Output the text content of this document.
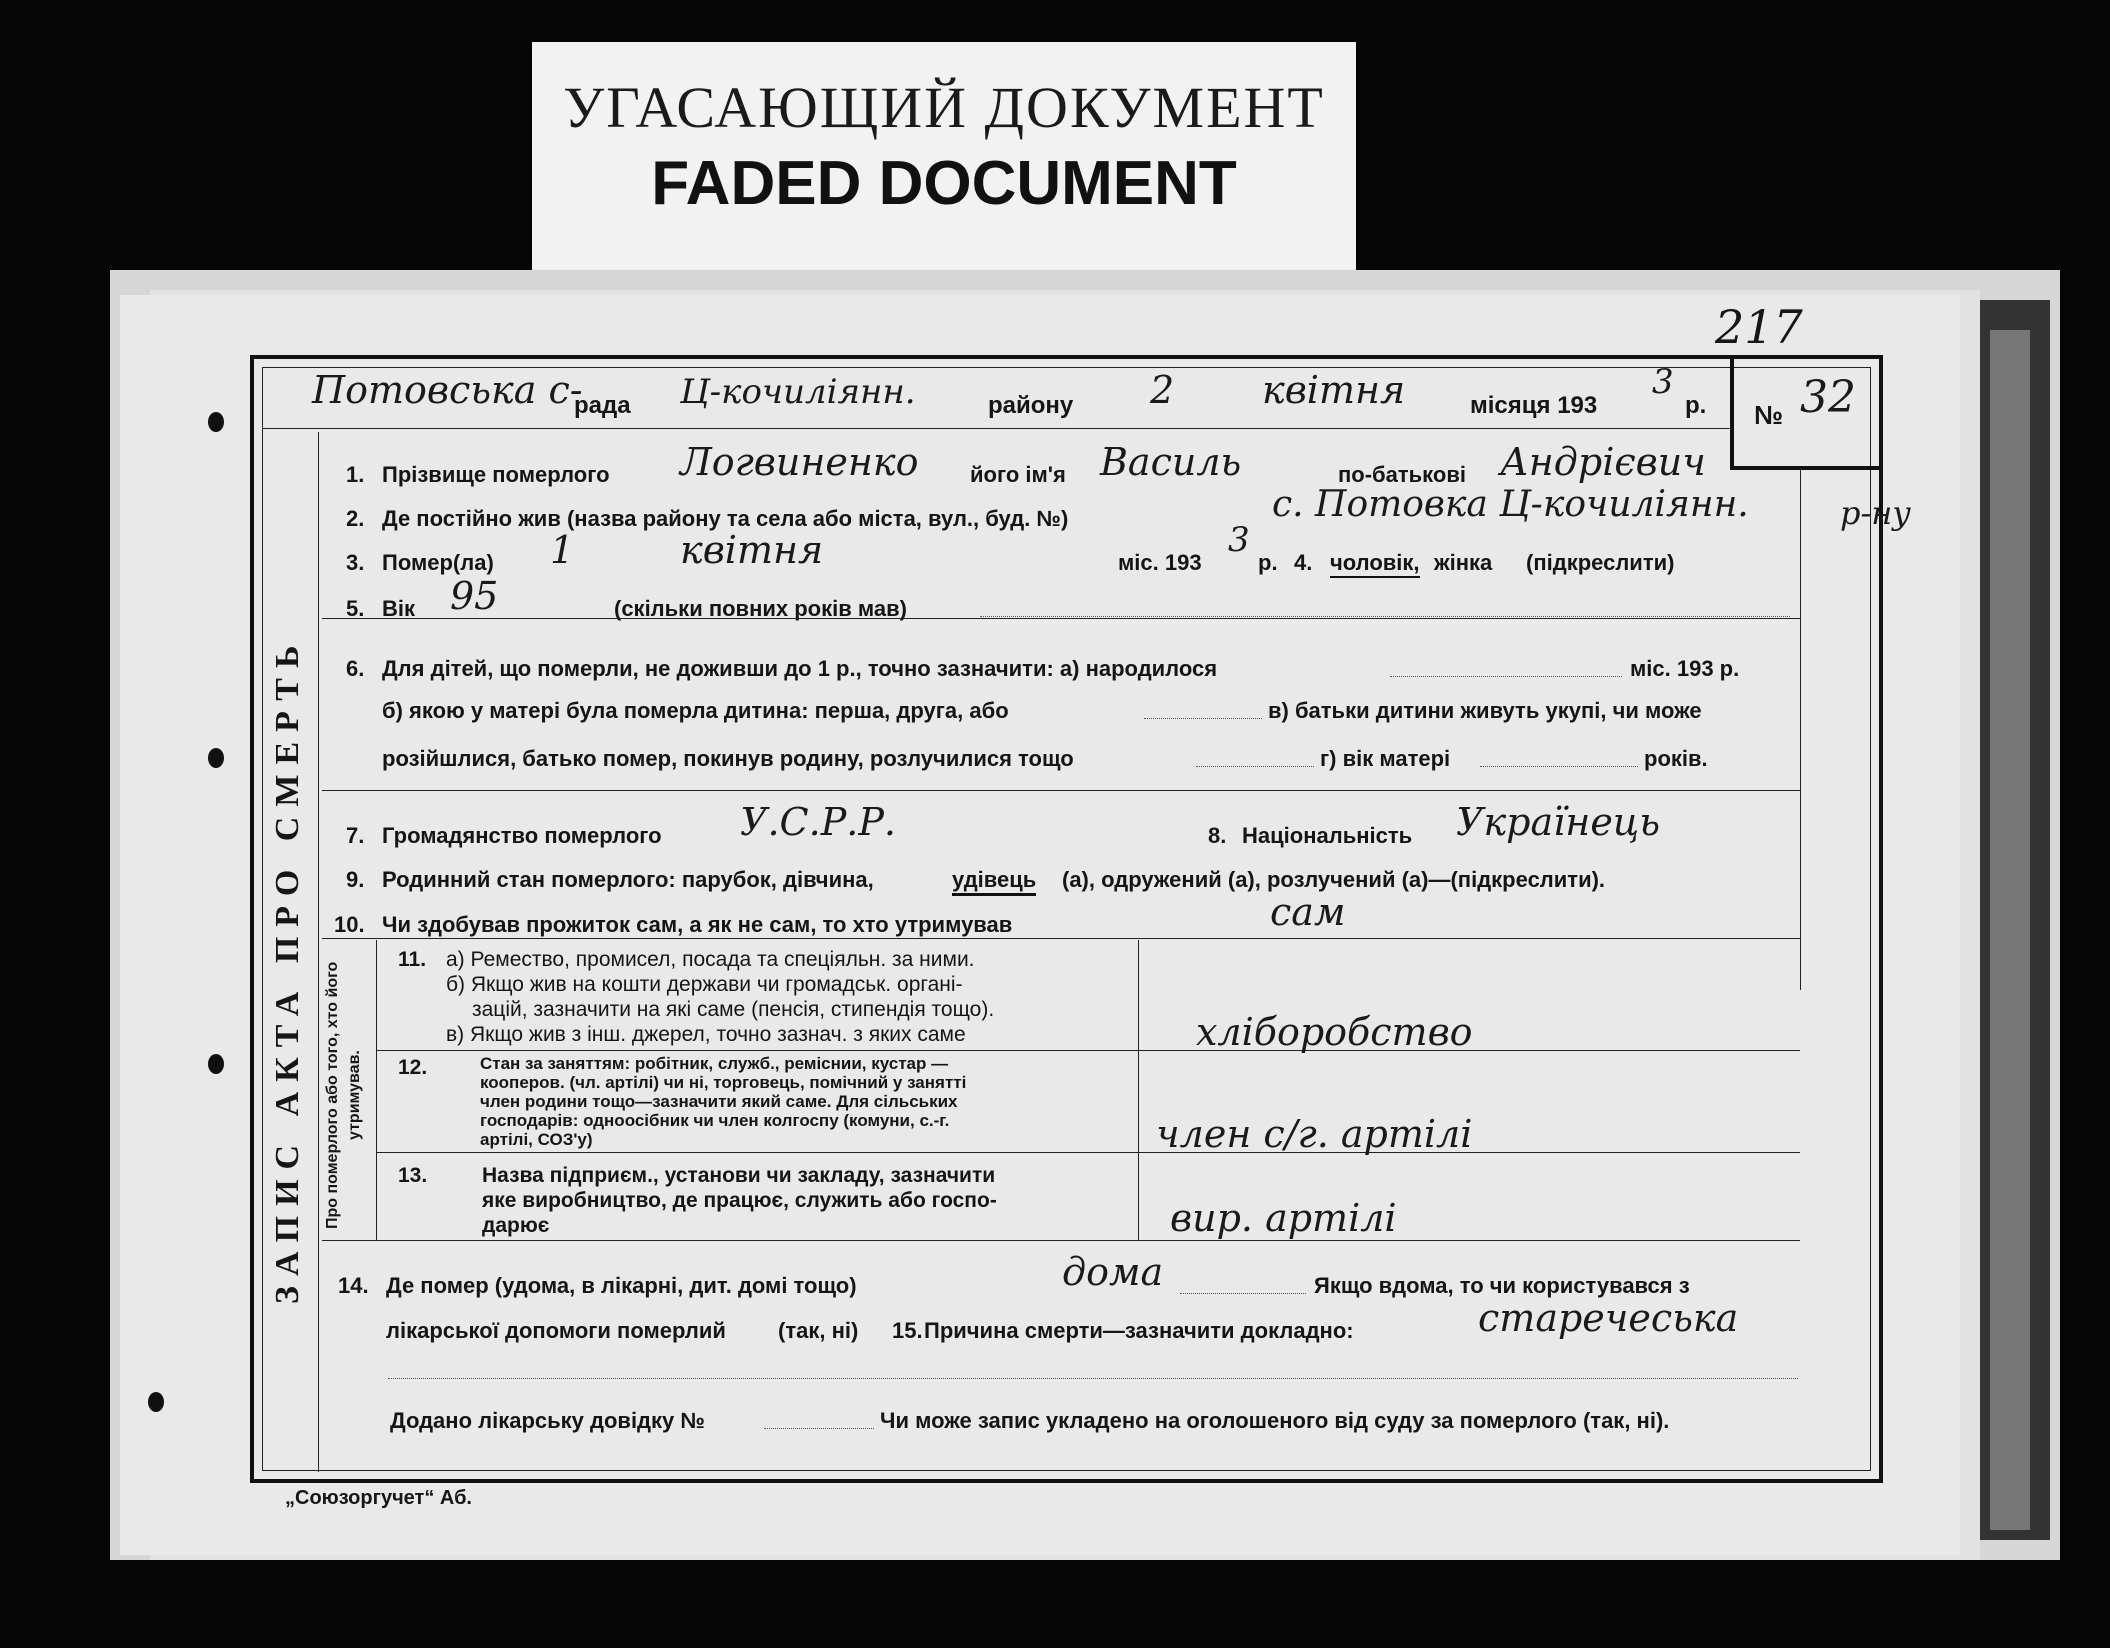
УГАСАЮЩИЙ ДОКУМЕНТ
FADED DOCUMENT
217
ЗАПИС АКТА ПРО СМЕРТЬ	Про померлого або того, хто його утримував.
Потовська с-
рада Ц-кочиліянн.	району 2 квітня	місяця 193
3
р. № 32
1. Прізвище померлого Логвиненко його ім'я Василь	по-батькові Андрієвич
2. Де постійно жив (назва району та села або міста, вул., буд. №)	с. Потовка Ц-кочиліянн.	р-ну
3. Помер(ла) 1	квітня	міс. 193
3
р. 4. чоловік, жінка (підкреслити)
5. Вік 95	(скільки повних років мав)
6. Для дітей, що померли, не доживши до 1 р., точно зазначити: а) народилося	міс. 193 р.
б) якою у матері була померла дитина: перша, друга, або	в) батьки дитини живуть укупі, чи може
розійшлися, батько помер, покинув родину, розлучилися тощо	г) вік матері	років.
7. Громадянство померлого У.С.Р.Р.	8. Національність Українець
9. Родинний стан померлого: парубок, дівчина,	удівець (а), одружений (а), розлучений (а)—(підкреслити).
10. Чи здобував прожиток сам, а як не сам, то хто утримував	сам
11. а) Ремество, промисел, посада та спеціяльн. за ними.
б) Якщо жив на кошти держави чи громадськ. органі-
зацій, зазначити на які саме (пенсія, стипендія тощо).
в) Якщо жив з інш. джерел, точно зазнач. з яких саме	хліборобство
12.	Стан за заняттям: робітник, служб., реміснии, кустар —
кооперов. (чл. артілі) чи ні, торговець, помічний у занятті
член родини тощо—зазначити який саме. Для сільських
господарів: одноосібник чи член колгоспу (комуни, с.-г.
артілі, СОЗ'у)	член с/г. артілі
13.	Назва підприєм., установи чи закладу, зазначити
яке виробництво, де працює, служить або госпо-
дарює	вир. артілі
14. Де помер (удома, в лікарні, дит. домі тощо)	дома	Якщо вдома, то чи користувався з
лікарської допомоги померлий (так, ні) 15. Причина смерти—зазначити докладно:	старечеська
Додано лікарську довідку №	Чи може запис укладено на оголошеного від суду за померлого (так, ні).
„Союзоргучет“ Аб.
